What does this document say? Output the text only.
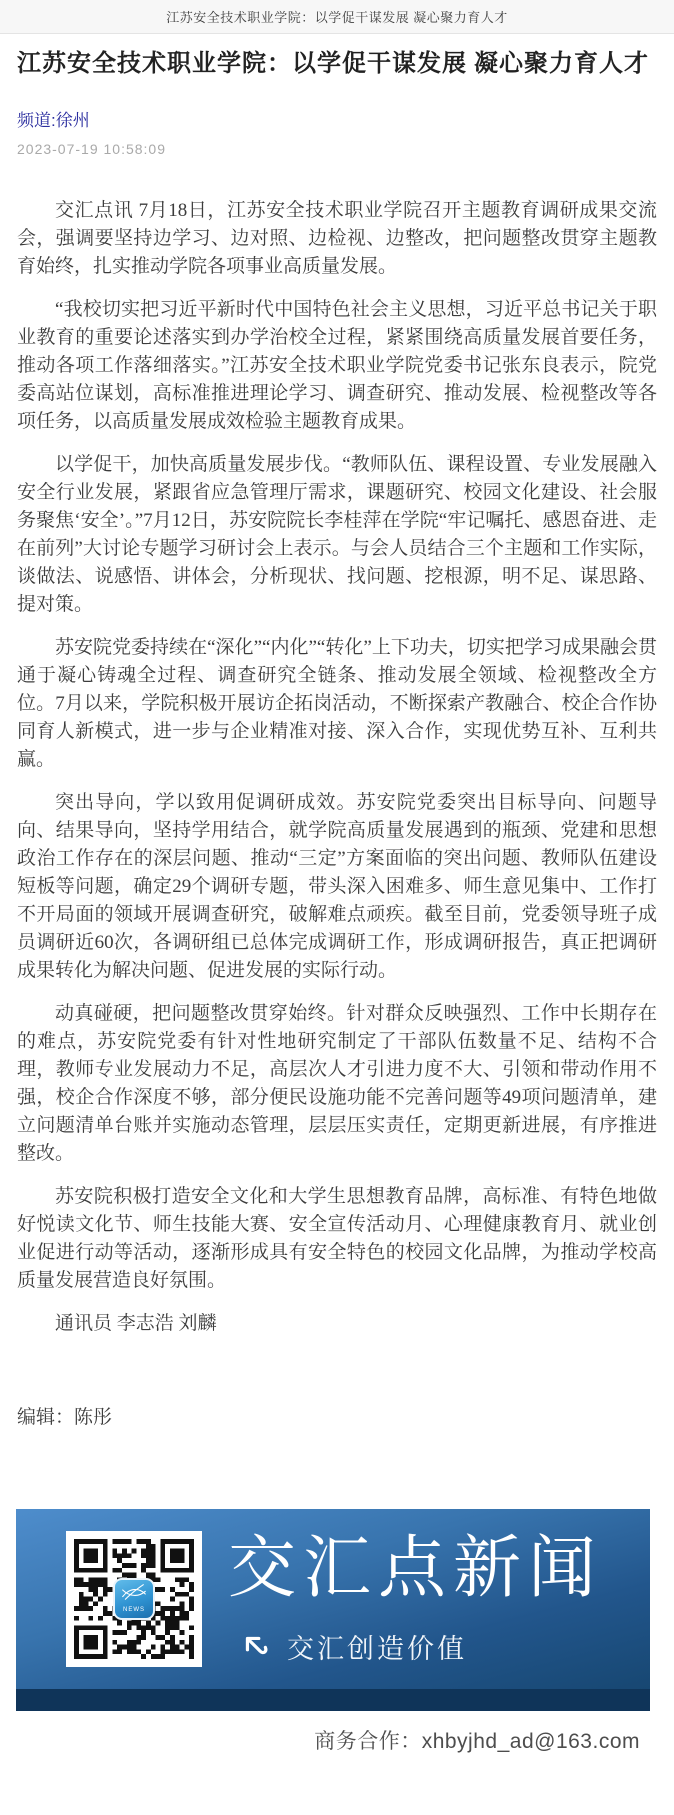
江苏安全技术职业学院：以学促干谋发展 凝心聚力育人才
江苏安全技术职业学院：以学促干谋发展 凝心聚力育人才
频道:徐州
2023-07-19 10:58:09

交汇点讯 7月18日，江苏安全技术职业学院召开主题教育调研成果交流会，强调要坚持边学习、边对照、边检视、边整改，把问题整改贯穿主题教育始终，扎实推动学院各项事业高质量发展。

“我校切实把习近平新时代中国特色社会主义思想，习近平总书记关于职业教育的重要论述落实到办学治校全过程，紧紧围绕高质量发展首要任务，推动各项工作落细落实。”江苏安全技术职业学院党委书记张东良表示，院党委高站位谋划，高标准推进理论学习、调查研究、推动发展、检视整改等各项任务，以高质量发展成效检验主题教育成果。

以学促干，加快高质量发展步伐。“教师队伍、课程设置、专业发展融入安全行业发展，紧跟省应急管理厅需求，课题研究、校园文化建设、社会服务聚焦‘安全’。”7月12日，苏安院院长李桂萍在学院“牢记嘱托、感恩奋进、走在前列”大讨论专题学习研讨会上表示。与会人员结合三个主题和工作实际，谈做法、说感悟、讲体会，分析现状、找问题、挖根源，明不足、谋思路、提对策。

苏安院党委持续在“深化”“内化”“转化”上下功夫，切实把学习成果融会贯通于凝心铸魂全过程、调查研究全链条、推动发展全领域、检视整改全方位。7月以来，学院积极开展访企拓岗活动，不断探索产教融合、校企合作协同育人新模式，进一步与企业精准对接、深入合作，实现优势互补、互利共赢。

突出导向，学以致用促调研成效。苏安院党委突出目标导向、问题导向、结果导向，坚持学用结合，就学院高质量发展遇到的瓶颈、党建和思想政治工作存在的深层问题、推动“三定”方案面临的突出问题、教师队伍建设短板等问题，确定29个调研专题，带头深入困难多、师生意见集中、工作打不开局面的领域开展调查研究，破解难点顽疾。截至目前，党委领导班子成员调研近60次，各调研组已总体完成调研工作，形成调研报告，真正把调研成果转化为解决问题、促进发展的实际行动。

动真碰硬，把问题整改贯穿始终。针对群众反映强烈、工作中长期存在的难点，苏安院党委有针对性地研究制定了干部队伍数量不足、结构不合理，教师专业发展动力不足，高层次人才引进力度不大、引领和带动作用不强，校企合作深度不够，部分便民设施功能不完善问题等49项问题清单，建立问题清单台账并实施动态管理，层层压实责任，定期更新进展，有序推进整改。

苏安院积极打造安全文化和大学生思想教育品牌，高标准、有特色地做好悦读文化节、师生技能大赛、安全宣传活动月、心理健康教育月、就业创业促进行动等活动，逐渐形成具有安全特色的校园文化品牌，为推动学校高质量发展营造良好氛围。

通讯员 李志浩 刘麟

编辑：陈彤
NEWS
交汇点新闻
交汇创造价值
商务合作：xhbyjhd_ad@163.com
